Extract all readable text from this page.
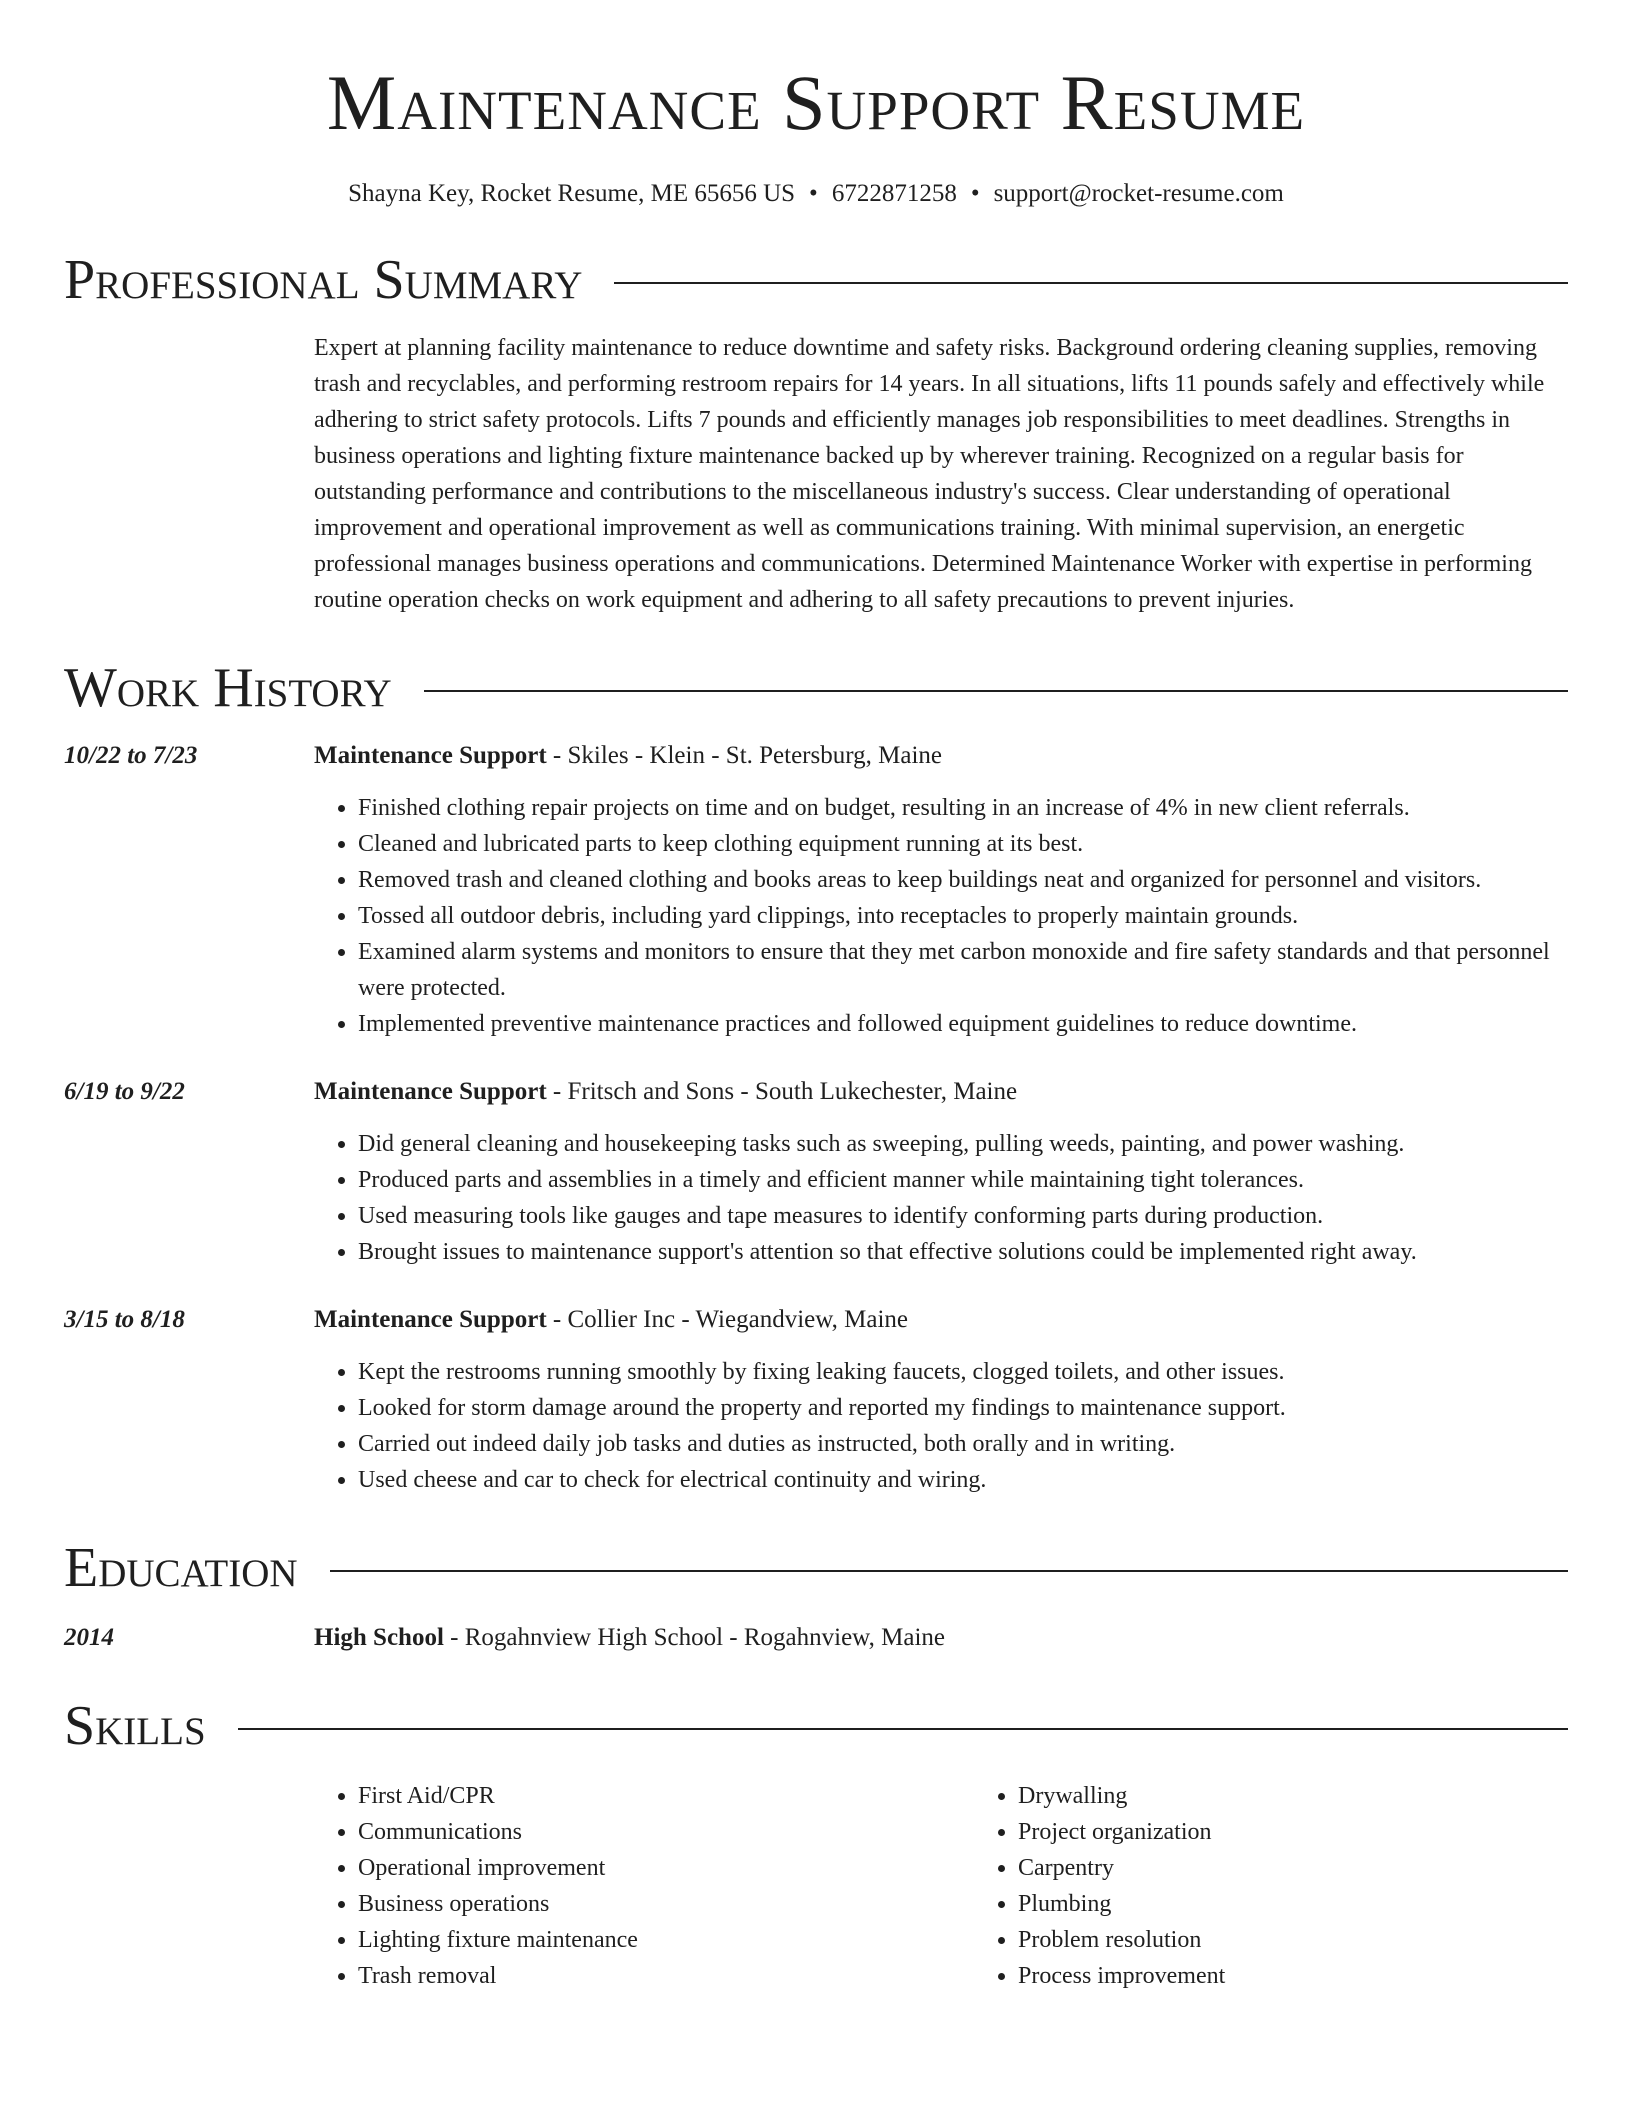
Maintenance Support Resume
Shayna Key, Rocket Resume, ME 65656 US • 6722871258 • support@rocket-resume.com
Professional Summary

Expert at planning facility maintenance to reduce downtime and safety risks. Background ordering cleaning supplies, removing trash and recyclables, and performing restroom repairs for 14 years. In all situations, lifts 11 pounds safely and effectively while adhering to strict safety protocols. Lifts 7 pounds and efficiently manages job responsibilities to meet deadlines. Strengths in business operations and lighting fixture maintenance backed up by wherever training. Recognized on a regular basis for outstanding performance and contributions to the miscellaneous industry's success. Clear understanding of operational improvement and operational improvement as well as communications training. With minimal supervision, an energetic professional manages business operations and communications. Determined Maintenance Worker with expertise in performing routine operation checks on work equipment and adhering to all safety precautions to prevent injuries.

Work History
10/22 to 7/23	Maintenance Support - Skiles - Klein - St. Petersburg, Maine
• Finished clothing repair projects on time and on budget, resulting in an increase of 4% in new client referrals.
• Cleaned and lubricated parts to keep clothing equipment running at its best.
• Removed trash and cleaned clothing and books areas to keep buildings neat and organized for personnel and visitors.
• Tossed all outdoor debris, including yard clippings, into receptacles to properly maintain grounds.
• Examined alarm systems and monitors to ensure that they met carbon monoxide and fire safety standards and that personnel were protected.
• Implemented preventive maintenance practices and followed equipment guidelines to reduce downtime.
6/19 to 9/22	Maintenance Support - Fritsch and Sons - South Lukechester, Maine
• Did general cleaning and housekeeping tasks such as sweeping, pulling weeds, painting, and power washing.
• Produced parts and assemblies in a timely and efficient manner while maintaining tight tolerances.
• Used measuring tools like gauges and tape measures to identify conforming parts during production.
• Brought issues to maintenance support's attention so that effective solutions could be implemented right away.
3/15 to 8/18	Maintenance Support - Collier Inc - Wiegandview, Maine
• Kept the restrooms running smoothly by fixing leaking faucets, clogged toilets, and other issues.
• Looked for storm damage around the property and reported my findings to maintenance support.
• Carried out indeed daily job tasks and duties as instructed, both orally and in writing.
• Used cheese and car to check for electrical continuity and wiring.
Education
2014	High School - Rogahnview High School - Rogahnview, Maine
Skills
• First Aid/CPR
• Communications
• Operational improvement
• Business operations
• Lighting fixture maintenance
• Trash removal
• Drywalling
• Project organization
• Carpentry
• Plumbing
• Problem resolution
• Process improvement
